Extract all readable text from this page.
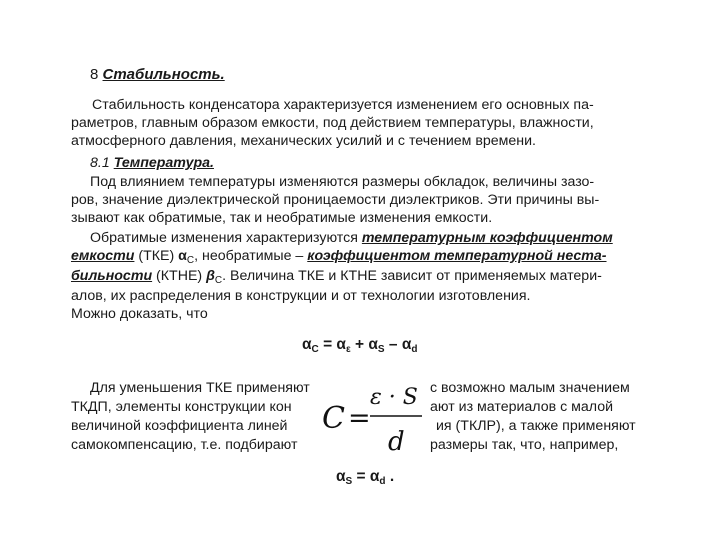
8 Стабильность.
Стабильность конденсатора характеризуется изменением его основных па-
раметров, главным образом емкости, под действием температуры, влажности,
атмосферного давления, механических усилий и с течением времени.
8.1 Температура.
Под влиянием температуры изменяются размеры обкладок, величины зазо-
ров, значение диэлектрической проницаемости диэлектриков. Эти причины вы-
зывают как обратимые, так и необратимые изменения емкости.
Обратимые изменения характеризуются температурным коэффициентом
емкости (ТКЕ) $\alpha_C$, необратимые – коэффициентом температурной неста-
бильности (КТНЕ) $\beta_C$. Величина ТКЕ и КТНЕ зависит от применяемых матери-
алов, их распределения в конструкции и от технологии изготовления.
Можно доказать, что
$\alpha_C = \alpha_\varepsilon + \alpha_S - \alpha_d$
Для уменьшения ТКЕ применяют	с возможно малым значением
ТКДП, элементы конструкции кон	ают из материалов с малой
величиной коэффициента линей	ия (ТКЛР), а также применяют
самокомпенсацию, т.е. подбирают	размеры так, что, например,
C =
ε · S
d
$\alpha_S = \alpha_d$ .
